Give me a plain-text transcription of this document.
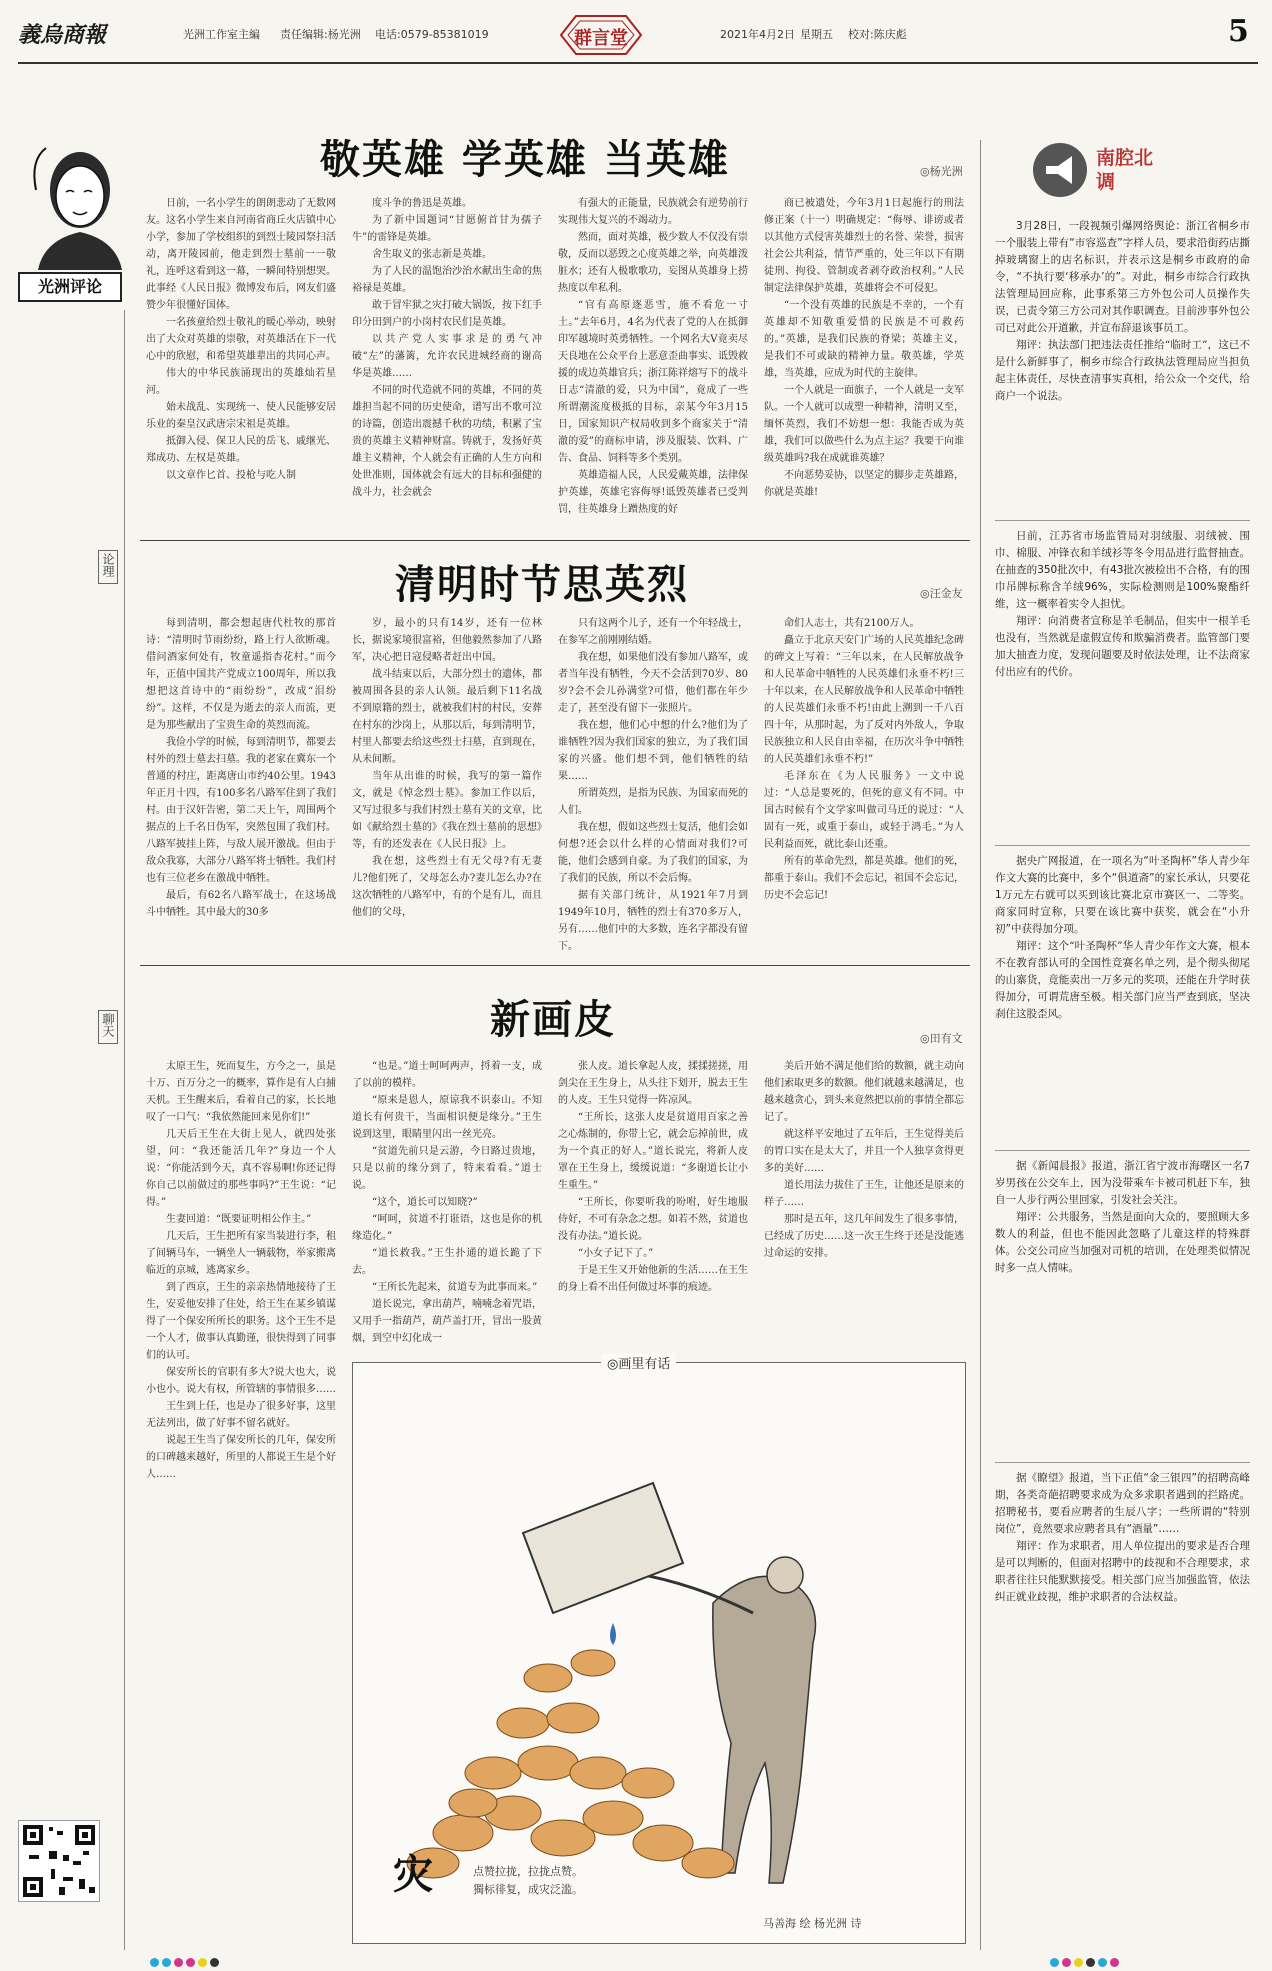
義烏商報	光洲工作室主編 责任编辑:杨光洲 电话:0579-85381019	群言堂	2021年4月2日 星期五 校对:陈庆彪	5
光洲评论
论理
聊天
敬英雄 学英雄 当英雄	◎杨光洲

日前，一名小学生的朗朗悲动了无数网友。这名小学生来自河南省商丘火店镇中心小学，参加了学校组织的到烈士陵园祭扫活动，离开陵园前，他走到烈士墓前一一敬礼，连呼这看到这一幕，一瞬间特别想哭。此事经《人民日报》微博发布后，网友们盛赞少年很懂好国体。

一名孩童给烈士敬礼的暖心举动，映射出了大众对英雄的崇敬，对英雄活在下一代心中的欣慰，和希望英雄辈出的共同心声。

伟大的中华民族涌现出的英雄灿若星河。

始未战乱、实现统一、使人民能够安居乐业的秦皇汉武唐宗宋祖是英雄。

抵御入侵、保卫人民的岳飞、戚继光、郑成功、左权是英雄。

以文章作匕首、投枪与吃人制

度斗争的鲁迅是英雄。

为了新中国题词“甘愿俯首甘为孺子牛”的雷锋是英雄。

舍生取义的张志新是英雄。

为了人民的温饱治沙治水献出生命的焦裕禄是英雄。

敢于冒牢狱之灾打破大锅饭，按下红手印分田到户的小岗村农民们是英雄。

以共产党人实事求是的勇气冲破“左”的藩篱，允许农民进城经商的谢高华是英雄……

不同的时代造就不同的英雄，不同的英雄担当起不同的历史使命，谱写出不歌可泣的诗篇，创造出震撼千秋的功绩，积累了宝贵的英雄主义精神财富。铸就于，发扬好英雄主义精神，个人就会有正确的人生方向和处世准则，国体就会有远大的目标和强健的战斗力，社会就会

有强大的正能量，民族就会有逆势前行实现伟大复兴的不竭动力。

然而，面对英雄，极少数人不仅没有崇敬，反而以恶毁之心度英雄之举，向英雄泼脏水；还有人极歌歌功，妄图从英雄身上捞热度以牟私利。

“官有高原逐恶雪，施不看危一寸土。”去年6月，4名为代表了党的人在抵御印军越境时英勇牺牲。一个网名大V竟卖尽天良地在公众平台上恶意歪曲事实、诋毁救援的成边英雄官兵；浙江陈祥熔写下的战斗日志“清澈的爱，只为中国”，竟成了一些所谓潮流度极抵的目标，亲某今年3月15日，国家知识产权局收到多个商家关于“清澈的爱”的商标申请，涉及服装、饮料、广告、食品、饲料等多个类别。

英雄造福人民，人民爱戴英雄，法律保护英雄，英雄宅容侮辱!诋毁英雄者已受判罚，往英雄身上蹭热度的好

商已被遗处，今年3月1日起施行的刑法修正案（十一）明确规定：“侮辱、诽谤或者以其他方式侵害英雄烈士的名誉、荣誉，损害社会公共利益，情节严重的，处三年以下有期徒刑、拘役、管制或者剥夺政治权利。”人民制定法律保护英雄，英雄将会不可侵犯。

“一个没有英雄的民族是不幸的，一个有英雄却不知敬重爱惜的民族是不可救药的。”英雄，是我们民族的脊梁；英雄主义，是我们不可或缺的精神力量。敬英雄，学英雄，当英雄，应成为时代的主旋律。

一个人就是一面旗子，一个人就是一支军队。一个人就可以成塑一种精神，清明又至，缅怀英烈，我们不妨想一想：我能否成为英雄，我们可以做些什么为点主运？我要干向谁级英雄吗?我在成就谁英雄？

不向恶势妥协，以坚定的脚步走英雄路，你就是英雄!

清明时节思英烈	◎汪金友

每到清明，都会想起唐代杜牧的那首诗：“清明时节雨纷纷，路上行人欲断魂。借问酒家何处有，牧童遥指杏花村。”而今年，正值中国共产党成立100周年，所以我想把这首诗中的“雨纷纷”，改成“泪纷纷”。这样，不仅是为逝去的亲人而流，更是为那些献出了宝贵生命的英烈而流。

我俭小学的时候，每到清明节，都要去村外的烈士墓去扫墓。我的老家在冀东一个普通的村庄，距离唐山市约40公里。1943年正月十四，有100多名八路军住到了我们村。由于汉奸告密，第二天上午，周围两个据点的上千名日伪军，突然包围了我们村。八路军披挂上阵，与敌人展开激战。但由于敌众我寡，大部分八路军将士牺牲。我们村也有三位老乡在激战中牺牲。

最后，有62名八路军战士，在这场战斗中牺牲。其中最大的30多

岁，最小的只有14岁，还有一位林长，据说家境很富裕，但他毅然参加了八路军，决心把日寇侵略者赶出中国。

战斗结束以后，大部分烈士的遗体，都被周围各县的亲人认领。最后剩下11名战不到原籍的烈士，就被我们村的村民，安葬在村东的沙岗上，从那以后，每到清明节，村里人都要去给这些烈士扫墓，直到现在，从未间断。

当年从出谁的时候，我写的第一篇作文，就是《悼念烈士墓》。参加工作以后，又写过很多与我们村烈士墓有关的文章，比如《献给烈士墓的》《我在烈士墓前的思想》等，有的还发表在《人民日报》上。

我在想，这些烈士有无父母?有无妻儿?他们死了，父母怎么办?妻儿怎么办?在这次牺牲的八路军中，有的个是有儿，而且他们的父母，

只有这两个儿子，还有一个年轻战士，在参军之前刚刚结婚。

我在想，如果他们没有参加八路军，或者当年没有牺牲，今天不会活到70岁、80岁?会不会儿孙满堂?可惜，他们都在年少走了，甚至没有留下一张照片。

我在想，他们心中想的什么?他们为了谁牺牲?因为我们国家的独立，为了我们国家的兴盛。他们想不到，他们牺牲的结果……

所谓英烈，是指为民族、为国家而死的人们。

我在想，假如这些烈士复活，他们会如何想?还会以什么样的心情面对我们?可能，他们会感到自豪。为了我们的国家，为了我们的民族，所以不会后悔。

据有关部门统计，从1921年7月到1949年10月，牺牲的烈士有370多万人，另有……他们中的大多数，连名字都没有留下。

命们人志士，共有2100万人。

矗立于北京天安门广场的人民英雄纪念碑的碑文上写着：“三年以来，在人民解放战争和人民革命中牺牲的人民英雄们永垂不朽!三十年以来，在人民解放战争和人民革命中牺牲的人民英雄们永垂不朽!由此上溯到一千八百四十年，从那时起，为了反对内外敌人，争取民族独立和人民自由幸福，在历次斗争中牺牲的人民英雄们永垂不朽!”

毛泽东在《为人民服务》一文中说过：“人总是要死的，但死的意义有不同。中国古时候有个文学家叫做司马迁的说过：“人固有一死，或重于泰山，或轻于鸿毛。”为人民利益而死，就比泰山还重。

所有的革命先烈，都是英雄。他们的死，都重于泰山。我们不会忘记，祖国不会忘记，历史不会忘记!

新画皮	◎田有文

太原王生，死而复生，方今之一，虽是十万、百万分之一的概率，算作是有人白捕天机。王生醒来后，看着自己的家，长长地叹了一口气：“我依然能回来见你们!”

几天后王生在大街上见人，就四处张望，问：“我还能活几年?”身边一个人说：“你能活到今天，真不容易啊!你还记得你自己以前做过的那些事吗?”王生说：“记得。”

生妻回道：“既要证明相公作主。”

几天后，王生把所有家当装进行李，租了间辆马车，一辆坐人一辆载物，举家搬离临近的京城，逃离家乡。

到了西京，王生的亲亲热情地接待了王生，安妥他安排了住处，给王生在某乡镇谋得了一个保安所所长的职务。这个王生不是一个人才，做事认真勤谨，很快得到了同事们的认可。

保安所长的官职有多大?说大也大，说小也小。说大有权，所管辖的事情很多……

王生到上任，也是办了很多好事，这里无法列出，做了好事不留名就好。

说起王生当了保安所长的几年，保安所的口碑越来越好，所里的人都说王生是个好人……

“也是。”道士呵呵两声，捋着一支，成了以前的模样。

“原来是恩人，原谅我不识泰山。不知道长有何贵干，当面相识便是缘分。”王生说到这里，眼睛里闪出一丝光亮。

“贫道先前只是云游，今日路过贵地，只是以前的缘分到了，特来看看。”道士说。

“这个，道长可以知晓?”

“呵呵，贫道不打诳语，这也是你的机缘造化。”

“道长救我。”王生扑通的道长跪了下去。

“王所长先起来，贫道专为此事而来。”

道长说完，拿出葫芦，喃喃念着咒语，又用手一指葫芦，葫芦盖打开，冒出一股黄烟，到空中幻化成一

张人皮。道长拿起人皮，揉揉搓搓，用剑尖在王生身上，从头往下划开，脱去王生的人皮。王生只觉得一阵凉风。

“王所长，这张人皮是贫道用百家之善之心炼制的，你带上它，就会忘掉前世，成为一个真正的好人。”道长说完，将新人皮罩在王生身上，缓缓说道：“多谢道长让小生重生。”

“王所长，你要听我的吩咐，好生地服侍好，不可有杂念之想。如若不然，贫道也没有办法。”道长说。

“小女子记下了。”

于是王生又开始他新的生活……在王生的身上看不出任何做过坏事的痕迹。

美后开始不满足他们给的数额，就主动向他们索取更多的数额。他们就越来越满足，也越来越贪心，到头来竟然把以前的事情全都忘记了。

就这样平安地过了五年后，王生觉得美后的胃口实在是太大了，并且一个人独享贪得更多的美好……

道长用法力拔住了王生，让他还是原来的样子……

那时是五年，这几年间发生了很多事情，已经成了历史……这一次王生终于还是没能逃过命运的安排。

◎画里有话
灾	点赞拉拢，拉拢点赞。
獨标徘复，成灾泛滥。
马善海 绘 杨光洲 诗
南腔北调

3月28日，一段视频引爆网络舆论：浙江省桐乡市一个服装上带有“市容巡查”字样人员，要求沿街药店撕掉玻璃窗上的店名标识，并表示这是桐乡市政府的命令，“不执行要‘移承办’的”。对此，桐乡市综合行政执法管理局回应称，此事系第三方外包公司人员操作失误，已责令第三方公司对其作职调查。目前涉事外包公司已对此公开道歉，并宣布辞退该事员工。

翔评：执法部门把违法责任推给“临时工”，这已不是什么新鲜事了，桐乡市综合行政执法管理局应当担负起主体责任，尽快查清事实真相，给公众一个交代，给商户一个说法。

日前，江苏省市场监管局对羽绒服、羽绒被、围巾、棉服、冲锋衣和羊绒衫等冬令用品进行监督抽查。在抽查的350批次中，有43批次被检出不合格，有的围巾吊牌标称含羊绒96%，实际检测则是100%聚酯纤维，这一概率着实令人担忧。

翔评：向消费者宣称是羊毛制品，但实中一根羊毛也没有，当然就是虚假宣传和欺骗消费者。监管部门要加大抽查力度，发现问题要及时依法处理，让不法商家付出应有的代价。

据央广网报道，在一项名为“叶圣陶杯”华人青少年作文大赛的比赛中，多个“俱道斋”的家长承认，只要花1万元左右就可以买到该比赛北京市赛区一、二等奖。商家同时宣称，只要在该比赛中获奖，就会在“小升初”中获得加分项。

翔评：这个“叶圣陶杯”华人青少年作文大赛，根本不在教育部认可的全国性竞赛名单之列，是个彻头彻尾的山寨货，竟能卖出一万多元的奖项，还能在升学时获得加分，可谓荒唐至极。相关部门应当严查到底，坚决刹住这股歪风。

据《新闻晨报》报道，浙江省宁波市海曙区一名7岁男孩在公交车上，因为没带乘车卡被司机赶下车，独自一人步行两公里回家，引发社会关注。

翔评：公共服务，当然是面向大众的，要照顾大多数人的利益，但也不能因此忽略了儿童这样的特殊群体。公交公司应当加强对司机的培训，在处理类似情况时多一点人情味。

据《瞭望》报道，当下正值“金三银四”的招聘高峰期，各类奇葩招聘要求成为众多求职者遇到的拦路虎。招聘秘书，要看应聘者的生辰八字；一些所谓的“特别岗位”，竟然要求应聘者具有“酒量”……

翔评：作为求职者，用人单位提出的要求是否合理是可以判断的，但面对招聘中的歧视和不合理要求，求职者往往只能默默接受。相关部门应当加强监管，依法纠正就业歧视，维护求职者的合法权益。
